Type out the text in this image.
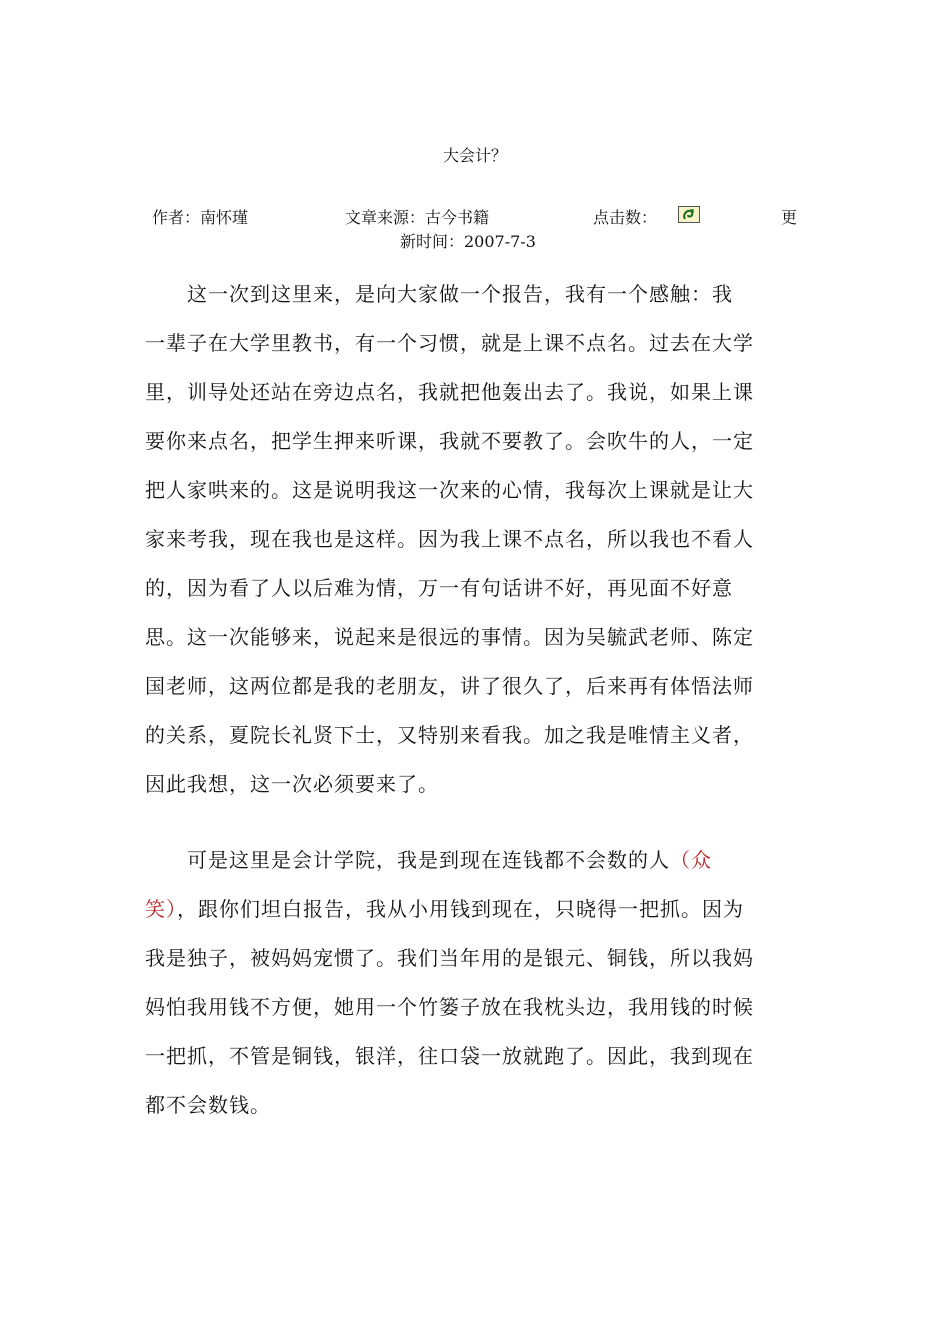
大会计？
作者：南怀瑾	文章来源：古今书籍	点击数：	更
新时间：2007-7-3
　　这一次到这里来，是向大家做一个报告，我有一个感触：我
一辈子在大学里教书，有一个习惯，就是上课不点名。过去在大学
里，训导处还站在旁边点名，我就把他轰出去了。我说，如果上课
要你来点名，把学生押来听课，我就不要教了。会吹牛的人，一定
把人家哄来的。这是说明我这一次来的心情，我每次上课就是让大
家来考我，现在我也是这样。因为我上课不点名，所以我也不看人
的，因为看了人以后难为情，万一有句话讲不好，再见面不好意
思。这一次能够来，说起来是很远的事情。因为吴毓武老师、陈定
国老师，这两位都是我的老朋友，讲了很久了，后来再有体悟法师
的关系，夏院长礼贤下士，又特别来看我。加之我是唯情主义者，
因此我想，这一次必须要来了。
　　可是这里是会计学院，我是到现在连钱都不会数的人（众
笑），跟你们坦白报告，我从小用钱到现在，只晓得一把抓。因为
我是独子，被妈妈宠惯了。我们当年用的是银元、铜钱，所以我妈
妈怕我用钱不方便，她用一个竹篓子放在我枕头边，我用钱的时候
一把抓，不管是铜钱，银洋，往口袋一放就跑了。因此，我到现在
都不会数钱。
